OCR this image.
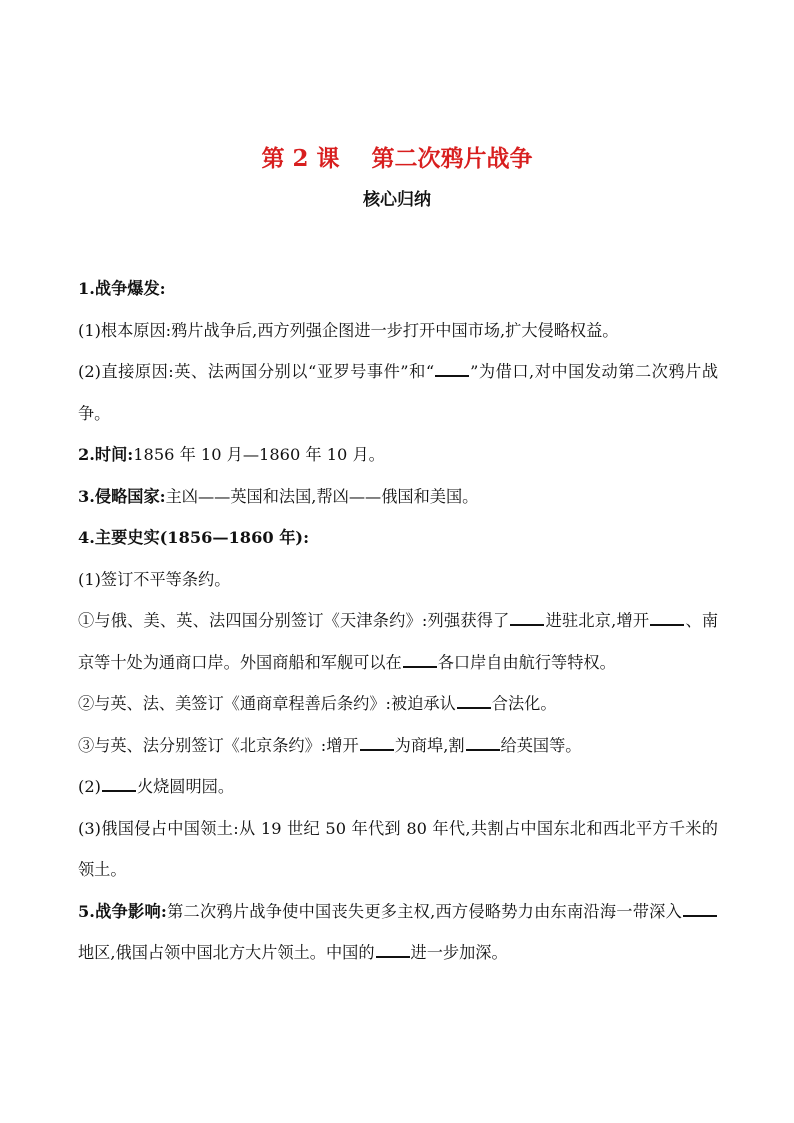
第 2 课    第二次鸦片战争
核心归纳

1.战争爆发:

(1)根本原因:鸦片战争后,西方列强企图进一步打开中国市场,扩大侵略权益。

(2)直接原因:英、法两国分别以“亚罗号事件”和“ ”为借口,对中国发动第二次鸦片战争。

2.时间:1856 年 10 月—1860 年 10 月。

3.侵略国家:主凶——英国和法国,帮凶——俄国和美国。

4.主要史实(1856—1860 年):

(1)签订不平等条约。

①与俄、美、英、法四国分别签订《天津条约》:列强获得了 进驻北京,增开 、南京等十处为通商口岸。外国商船和军舰可以在 各口岸自由航行等特权。

②与英、法、美签订《通商章程善后条约》:被迫承认 合法化。

③与英、法分别签订《北京条约》:增开 为商埠,割 给英国等。

(2) 火烧圆明园。

(3)俄国侵占中国领土:从 19 世纪 50 年代到 80 年代,共割占中国东北和西北平方千米的领土。

5.战争影响:第二次鸦片战争使中国丧失更多主权,西方侵略势力由东南沿海一带深入地区,俄国占领中国北方大片领土。中国的 进一步加深。
